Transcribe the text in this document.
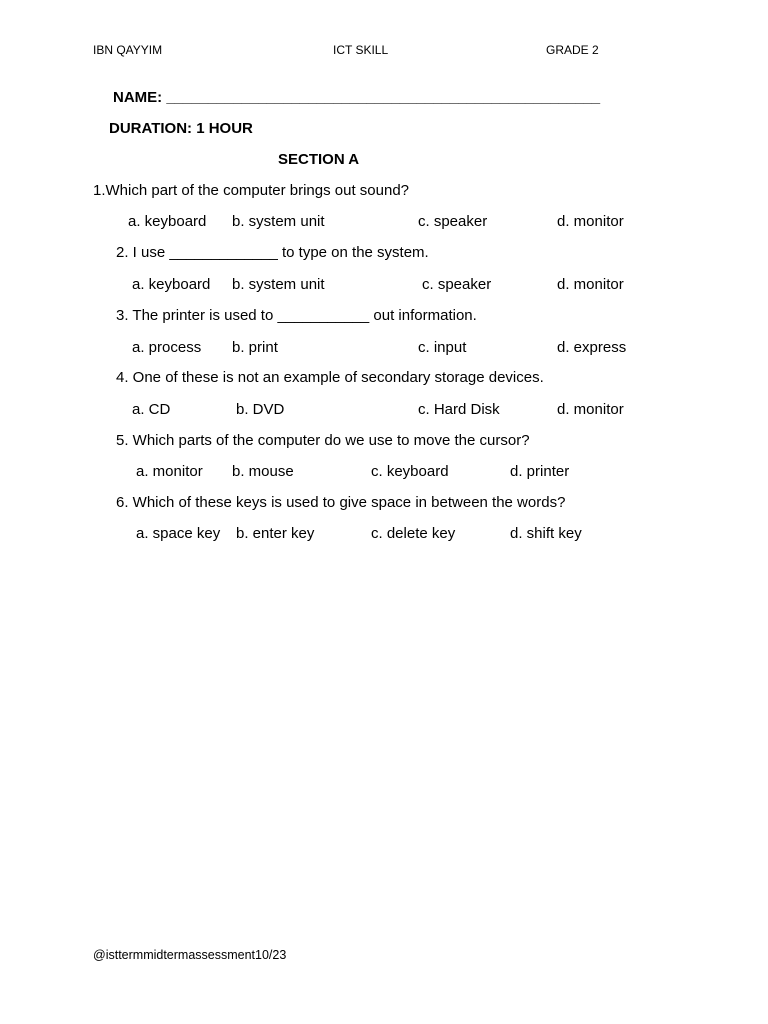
IBN QAYYIM	ICT SKILL	GRADE 2
NAME: ____________________________________________________
DURATION: 1 HOUR
SECTION A
1.Which part of the computer brings out sound?
a. keyboard b. system unit	c. speaker	d. monitor
2. I use _____________ to type on the system.
a. keyboard b. system unit	c. speaker	d. monitor
3. The printer is used to ___________ out information.
a. process b. print	c. input	d. express
4. One of these is not an example of secondary storage devices.
a. CD	b. DVD	c. Hard Disk	d. monitor
5. Which parts of the computer do we use to move the cursor?
a. monitor b. mouse	c. keyboard	d. printer
6. Which of these keys is used to give space in between the words?
a. space key b. enter key	c. delete key	d. shift key
@isttermmidtermassessment10/23
